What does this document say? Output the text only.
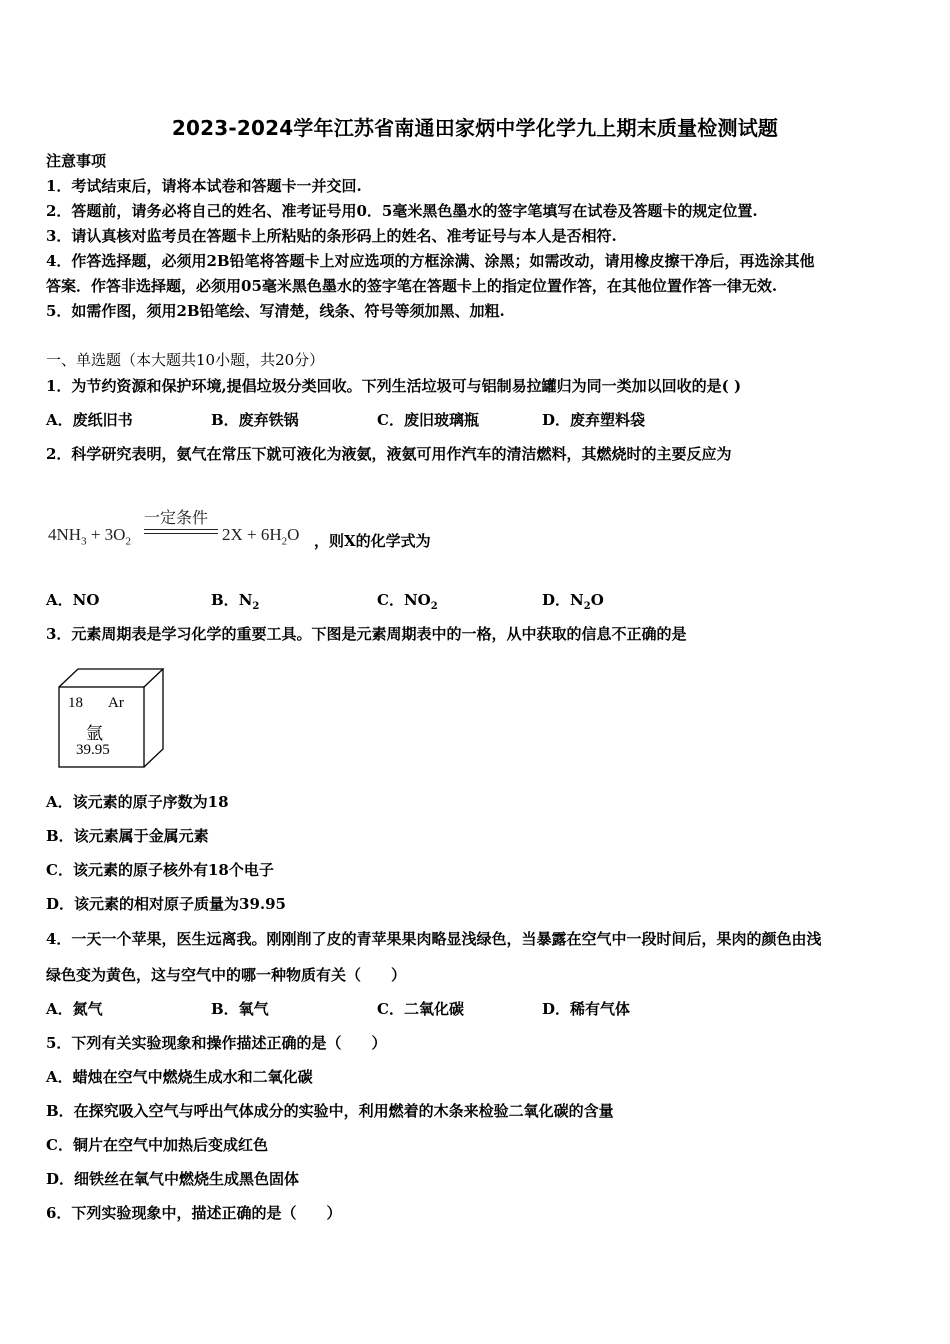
2023-2024学年江苏省南通田家炳中学化学九上期末质量检测试题
注意事项
1．考试结束后，请将本试卷和答题卡一并交回.
2．答题前，请务必将自己的姓名、准考证号用0．5毫米黑色墨水的签字笔填写在试卷及答题卡的规定位置.
3．请认真核对监考员在答题卡上所粘贴的条形码上的姓名、准考证号与本人是否相符.
4．作答选择题，必须用2B铅笔将答题卡上对应选项的方框涂满、涂黑；如需改动，请用橡皮擦干净后，再选涂其他
答案．作答非选择题，必须用05毫米黑色墨水的签字笔在答题卡上的指定位置作答，在其他位置作答一律无效.
5．如需作图，须用2B铅笔绘、写清楚，线条、符号等须加黑、加粗.
一、单选题（本大题共10小题，共20分）
1．为节约资源和保护环境,提倡垃圾分类回收。下列生活垃圾可与铝制易拉罐归为同一类加以回收的是( )
A．废纸旧书	B．废弃铁锅	C．废旧玻璃瓶	D．废弃塑料袋
2．科学研究表明，氨气在常压下就可液化为液氨，液氨可用作汽车的清洁燃料，其燃烧时的主要反应为
$4NH_3 + 3O_2$
一定条件
$2X + 6H_2O$ ，则X的化学式为
A．NO	B．$N_2$	C．$NO_2$	D．$N_2O$
3．元素周期表是学习化学的重要工具。下图是元素周期表中的一格，从中获取的信息不正确的是
18 Ar
氩
39.95
A．该元素的原子序数为18
B．该元素属于金属元素
C．该元素的原子核外有18个电子
D．该元素的相对原子质量为39.95
4．一天一个苹果，医生远离我。刚刚削了皮的青苹果果肉略显浅绿色，当暴露在空气中一段时间后，果肉的颜色由浅
绿色变为黄色，这与空气中的哪一种物质有关（　　）
A．氮气	B．氧气	C．二氧化碳	D．稀有气体
5．下列有关实验现象和操作描述正确的是（　　）
A．蜡烛在空气中燃烧生成水和二氧化碳
B．在探究吸入空气与呼出气体成分的实验中，利用燃着的木条来检验二氧化碳的含量
C．铜片在空气中加热后变成红色
D．细铁丝在氧气中燃烧生成黑色固体
6．下列实验现象中，描述正确的是（　　）
